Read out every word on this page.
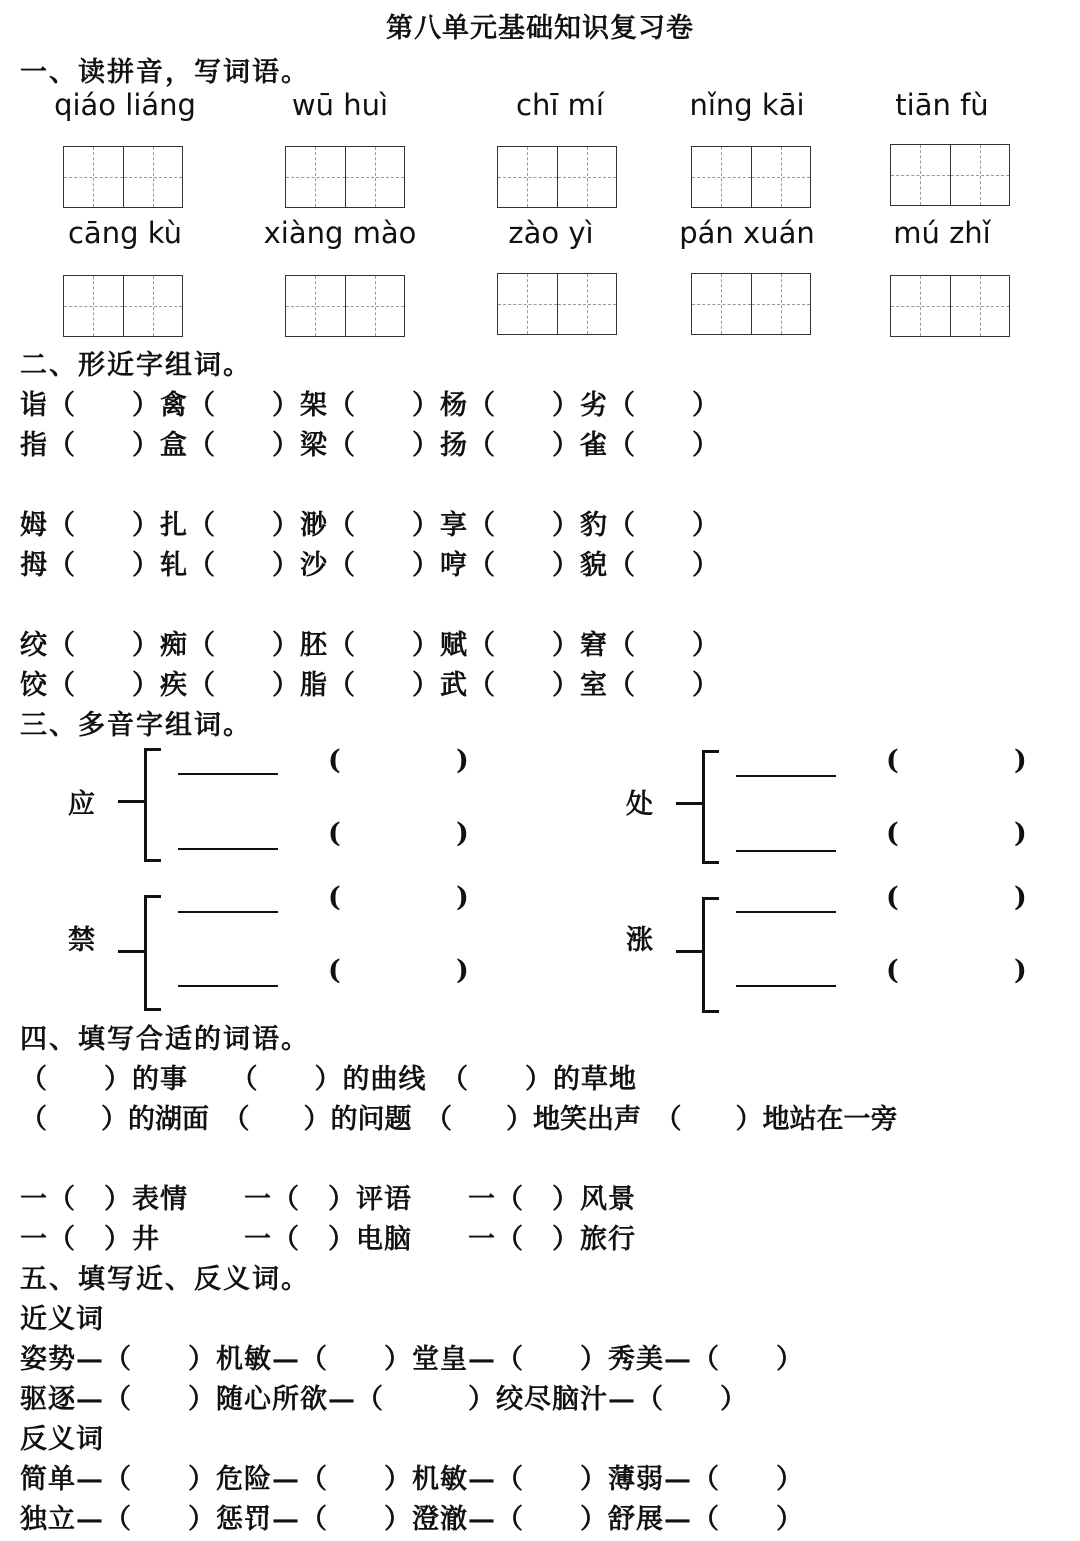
第八单元基础知识复习卷
一、读拼音，写词语。
qiáo liáng	wū huì	chī mí	nǐng kāi	tiān fù
cāng kù	xiàng mào	zào yì	pán xuán	mú zhǐ
二、形近字组词。
诣（　　）禽（　　）架（　　）杨（　　）劣（　　）
指（　　）盒（　　）梁（　　）扬（　　）雀（　　）
姆（　　）扎（　　）渺（　　）享（　　）豹（　　）
拇（　　）轧（　　）沙（　　）哼（　　）貌（　　）
绞（　　）痴（　　）胚（　　）赋（　　）窘（　　）
饺（　　）疾（　　）脂（　　）武（　　）室（　　）
三、多音字组词。
应
(	)
(	)
处
(	)
(	)
禁
(	)
(	)
涨
(	)
(	)
四、填写合适的词语。
（　　）的事　　（　　）的曲线　（　　）的草地
（　　）的湖面　（　　）的问题　（　　）地笑出声　（　　）地站在一旁
一（　）表情　　一（　）评语　　一（　）风景
一（　）井　　　一（　）电脑　　一（　）旅行
五、填写近、反义词。
近义词
姿势—（　　）机敏—（　　）堂皇—（　　）秀美—（　　）
驱逐—（　　）随心所欲—（　　　）绞尽脑汁—（　　）
反义词
简单—（　　）危险—（　　）机敏—（　　）薄弱—（　　）
独立—（　　）惩罚—（　　）澄澈—（　　）舒展—（　　）
